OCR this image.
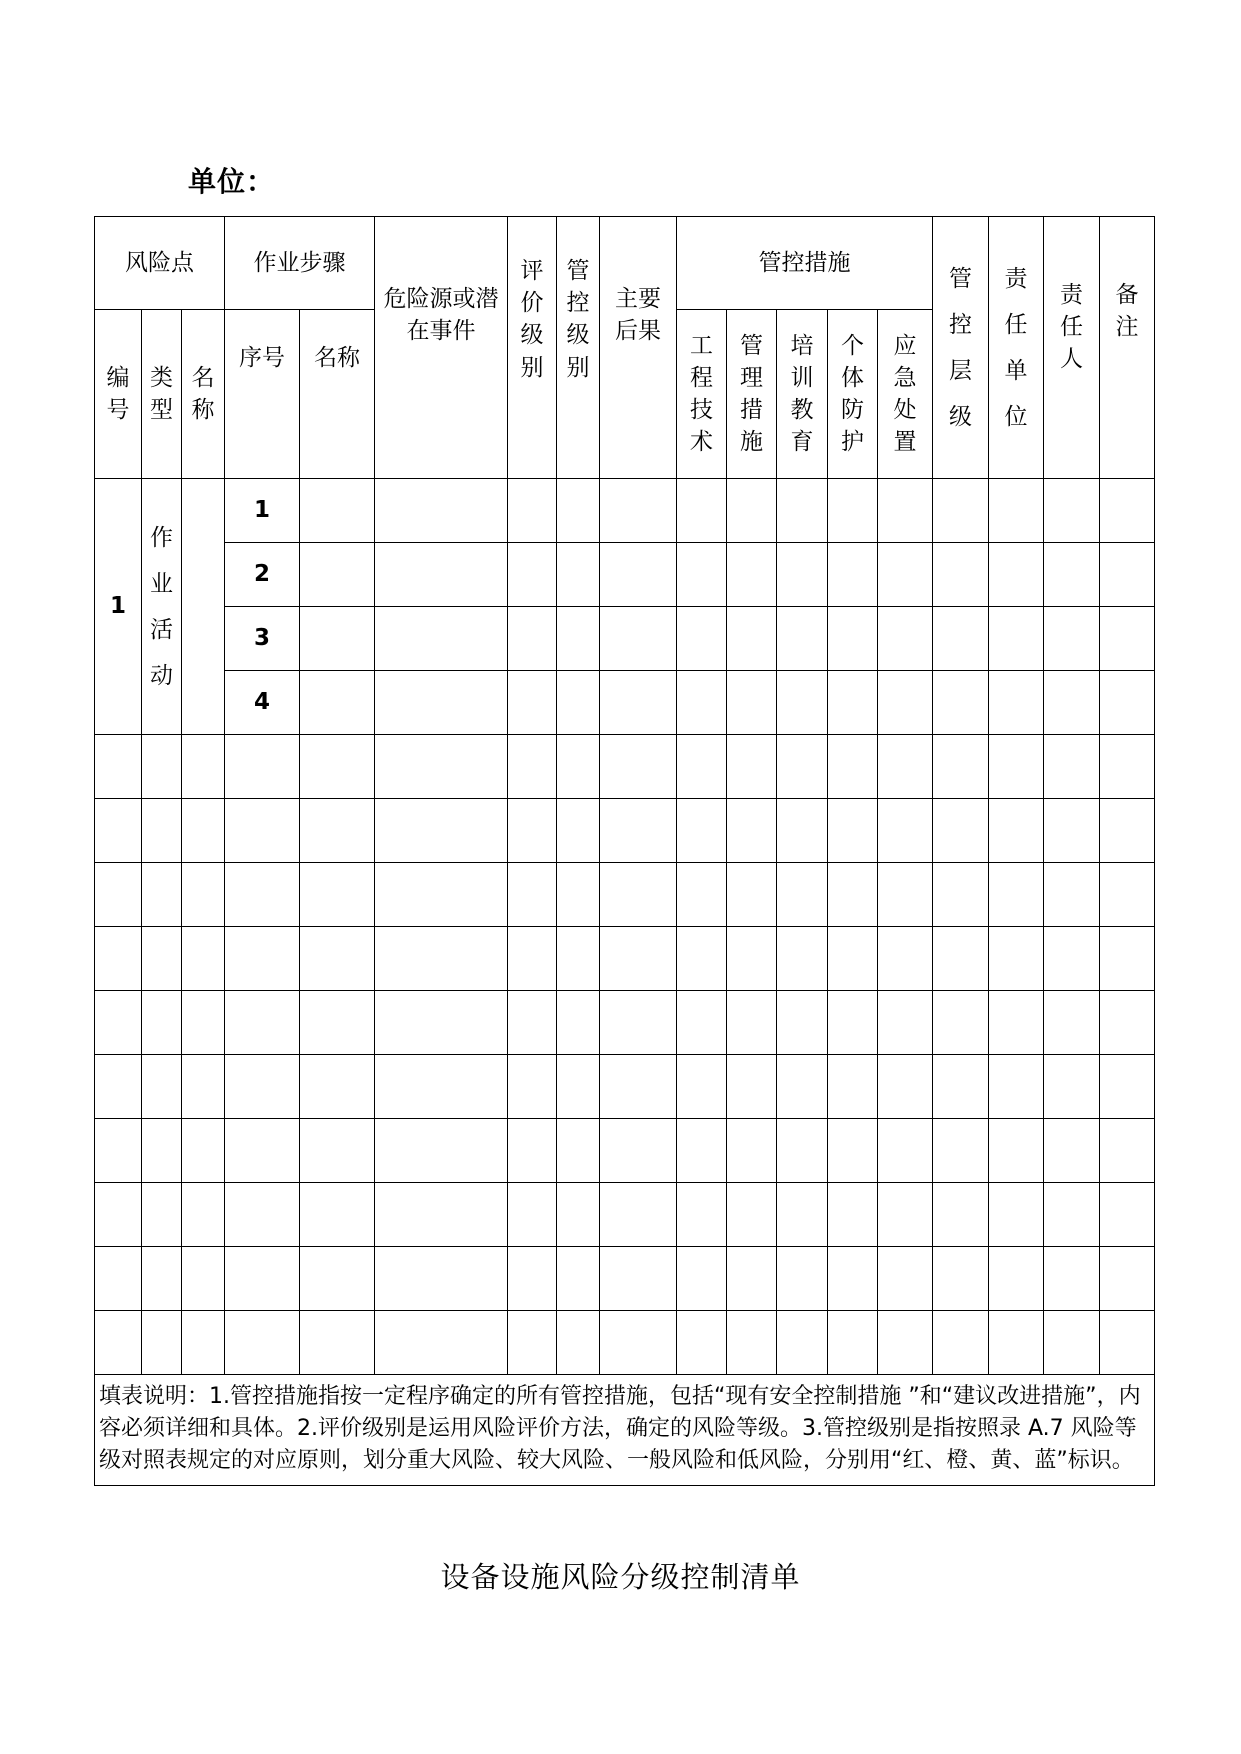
单位：
风险点			作业步骤		危险源或潜在事件	评价级别	管控级别	主要后果	管控措施					管控层级	责任单位	责任人	备注
编号	类型	名称	序号	名称					工程技术	管理措施	培训教育	个体防护	应急处置				
1	作业活动		1														
			2														
			3														
			4														

填表说明：1.管控措施指按一定程序确定的所有管控措施，包括“现有安全控制措施 ”和“建议改进措施”，内容必须详细和具体。2.评价级别是运用风险评价方法，确定的风险等级。3.管控级别是指按照录 A.7 风险等级对照表规定的对应原则，划分重大风险、较大风险、一般风险和低风险，分别用“红、橙、黄、蓝”标识。																	
设备设施风险分级控制清单
